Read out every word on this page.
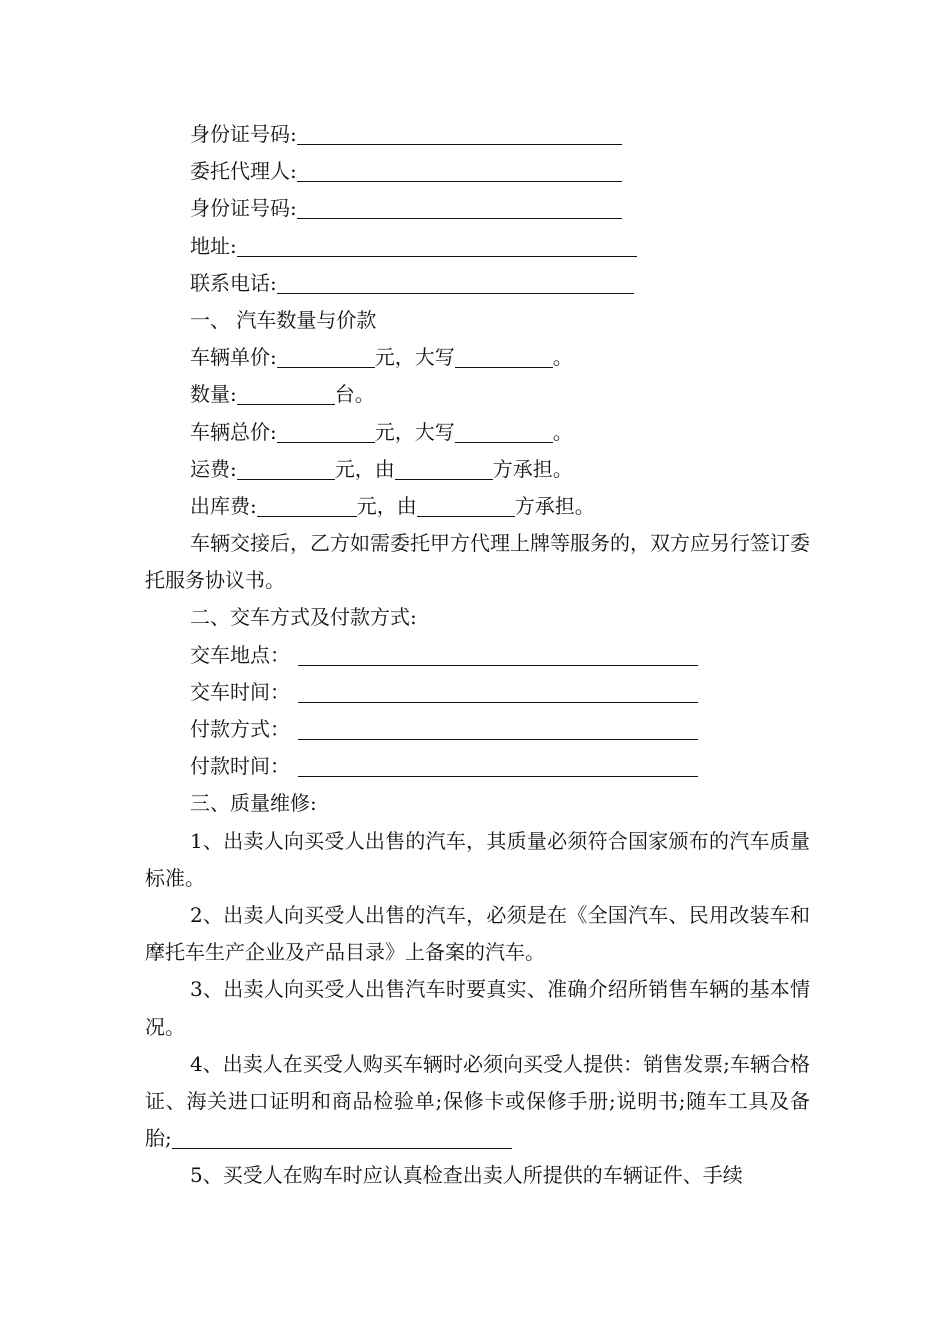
身份证号码:
委托代理人:
身份证号码:
地址:
联系电话:
一、 汽车数量与价款
车辆单价:	元，大写	。
数量:	台。
车辆总价:	元，大写	。
运费:	元，由	方承担。
出库费:	元，由	方承担。
车辆交接后，乙方如需委托甲方代理上牌等服务的，双方应另行签订委托服务协议书。
二、交车方式及付款方式:
交车地点：
交车时间：
付款方式：
付款时间：
三、质量维修:
1、出卖人向买受人出售的汽车，其质量必须符合国家颁布的汽车质量标准。
2、出卖人向买受人出售的汽车，必须是在《全国汽车、民用改装车和摩托车生产企业及产品目录》上备案的汽车。
3、出卖人向买受人出售汽车时要真实、准确介绍所销售车辆的基本情况。
4、出卖人在买受人购买车辆时必须向买受人提供：销售发票;车辆合格证、海关进口证明和商品检验单;保修卡或保修手册;说明书;随车工具及备胎;
5、买受人在购车时应认真检查出卖人所提供的车辆证件、手续
